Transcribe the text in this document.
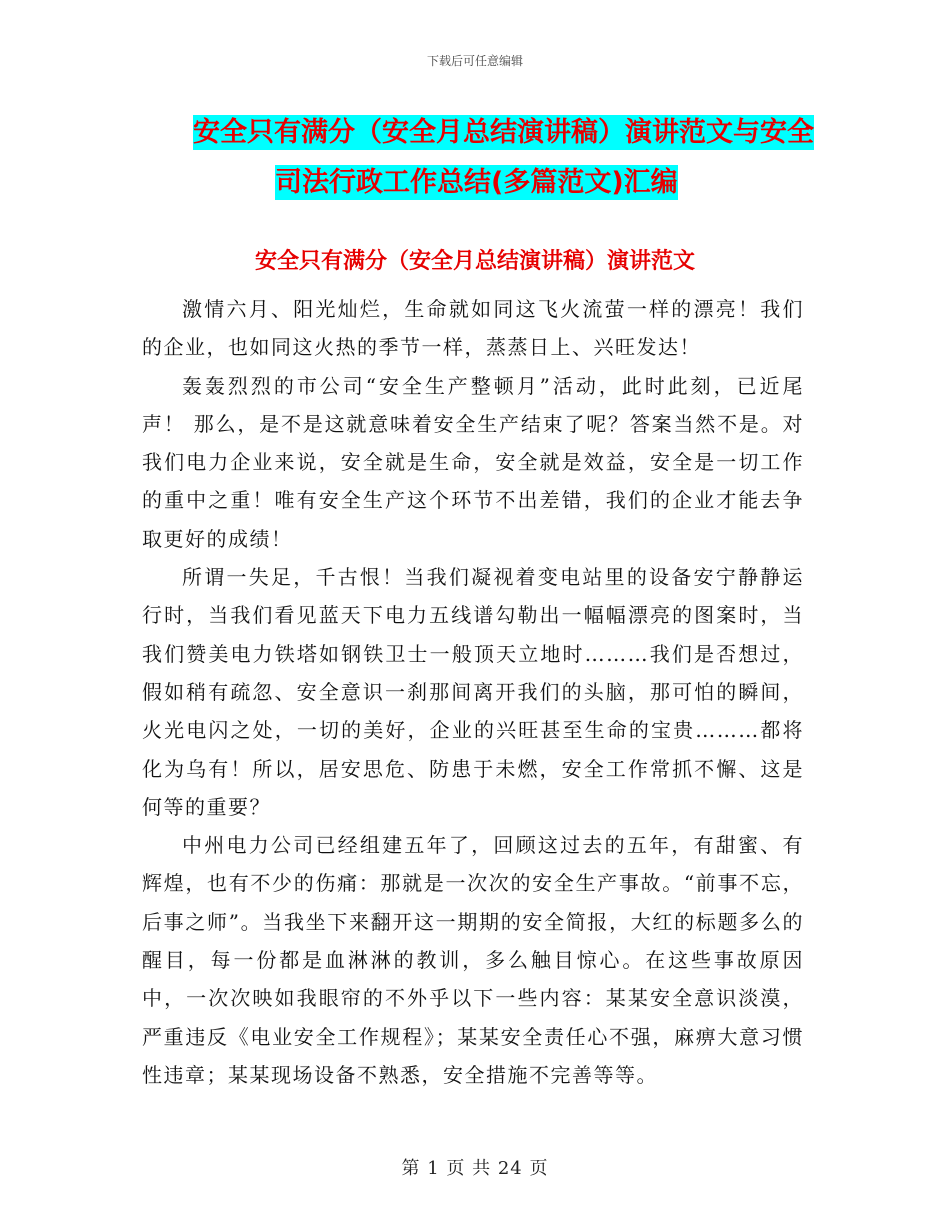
下载后可任意编辑
安全只有满分（安全月总结演讲稿）演讲范文与安全
司法行政工作总结(多篇范文)汇编
安全只有满分（安全月总结演讲稿）演讲范文

激情六月、阳光灿烂，生命就如同这飞火流萤一样的漂亮！我们的企业，也如同这火热的季节一样，蒸蒸日上、兴旺发达！

轰轰烈烈的市公司“安全生产整顿月”活动，此时此刻，已近尾声！ 那么，是不是这就意味着安全生产结束了呢？答案当然不是。对我们电力企业来说，安全就是生命，安全就是效益，安全是一切工作的重中之重！唯有安全生产这个环节不出差错，我们的企业才能去争取更好的成绩！

所谓一失足，千古恨！当我们凝视着变电站里的设备安宁静静运行时，当我们看见蓝天下电力五线谱勾勒出一幅幅漂亮的图案时，当我们赞美电力铁塔如钢铁卫士一般顶天立地时………我们是否想过，假如稍有疏忽、安全意识一刹那间离开我们的头脑，那可怕的瞬间，火光电闪之处，一切的美好，企业的兴旺甚至生命的宝贵………都将化为乌有！所以，居安思危、防患于未燃，安全工作常抓不懈、这是何等的重要？

中州电力公司已经组建五年了，回顾这过去的五年，有甜蜜、有辉煌，也有不少的伤痛：那就是一次次的安全生产事故。“前事不忘，后事之师”。当我坐下来翻开这一期期的安全简报，大红的标题多么的醒目，每一份都是血淋淋的教训，多么触目惊心。在这些事故原因中，一次次映如我眼帘的不外乎以下一些内容：某某安全意识淡漠，严重违反《电业安全工作规程》；某某安全责任心不强，麻痹大意习惯性违章；某某现场设备不熟悉，安全措施不完善等等。

第 1 页 共 24 页
